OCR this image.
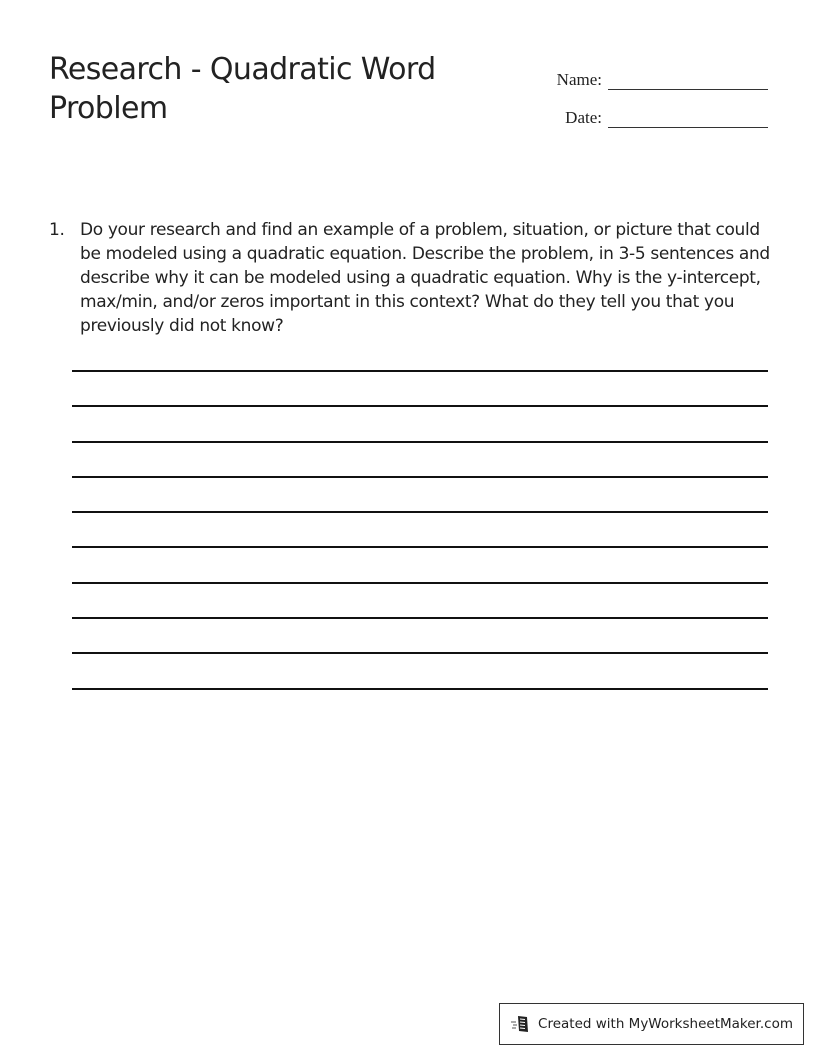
Research - Quadratic Word Problem
Name:
Date:
1. Do your research and find an example of a problem, situation, or picture that could be modeled using a quadratic equation. Describe the problem, in 3-5 sentences and describe why it can be modeled using a quadratic equation. Why is the y-intercept, max/min, and/or zeros important in this context? What do they tell you that you previously did not know?
Created with MyWorksheetMaker.com
